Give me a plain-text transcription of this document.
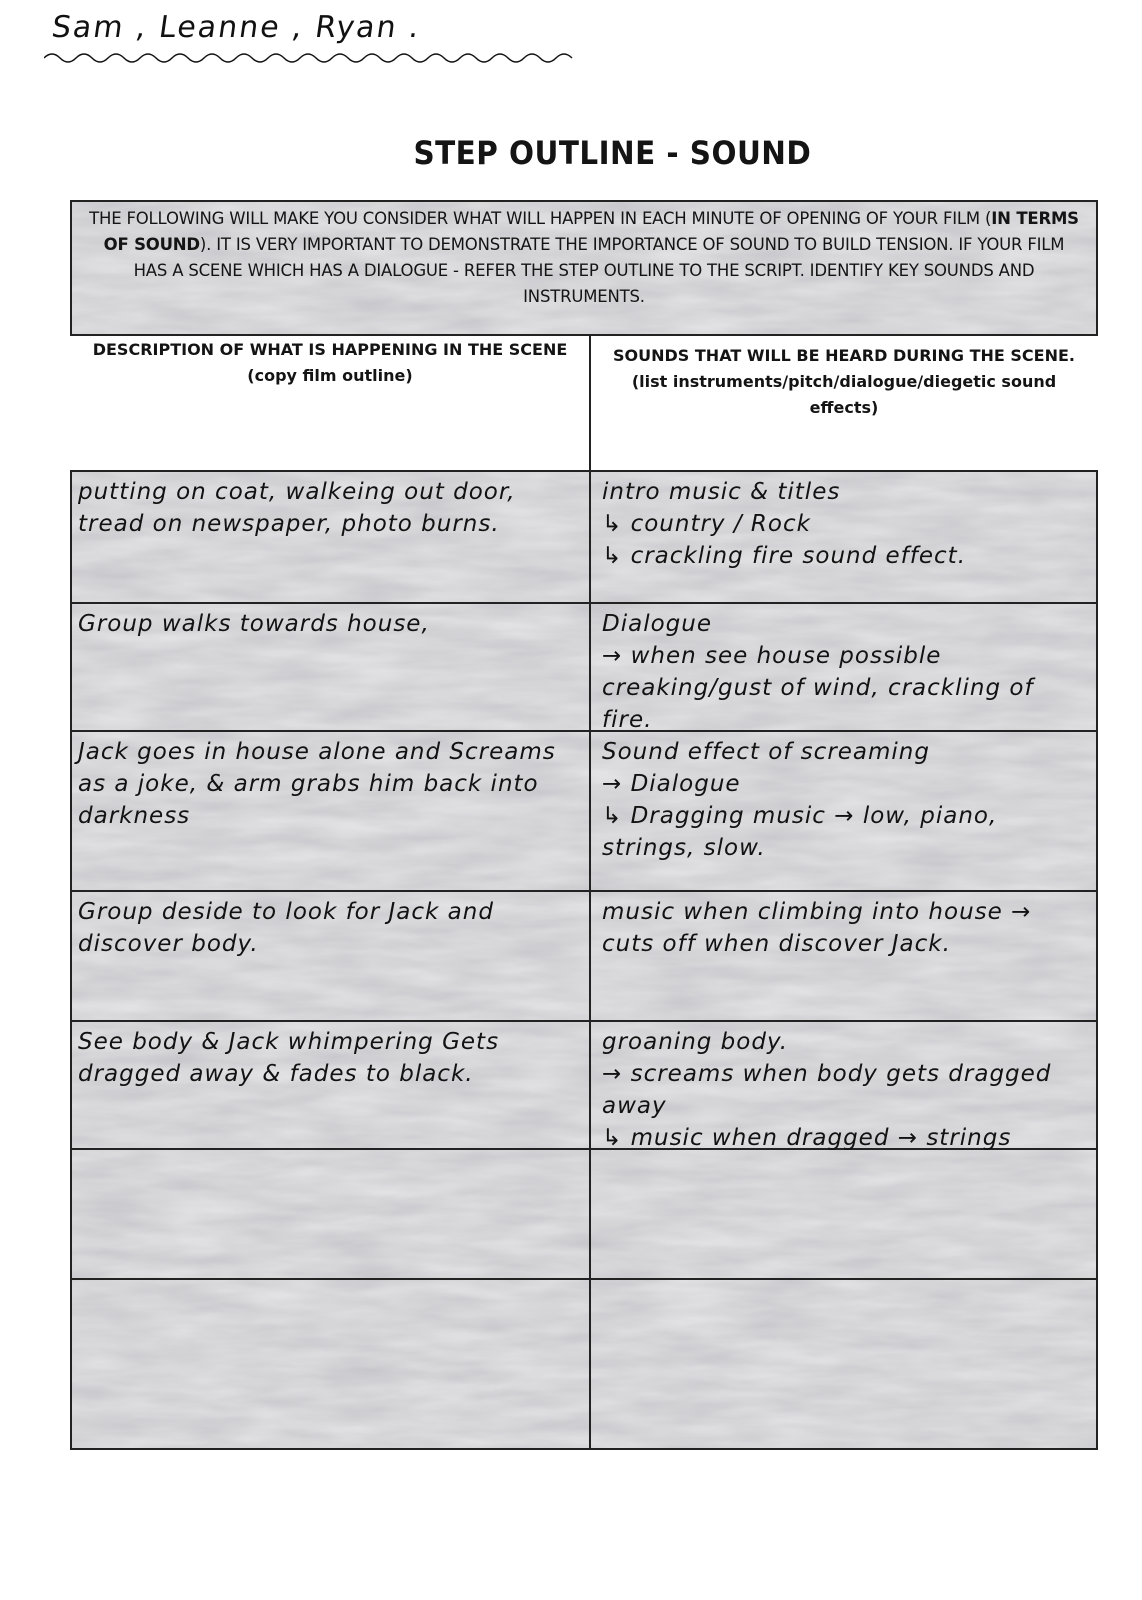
Sam , Leanne , Ryan .
STEP OUTLINE - SOUND
THE FOLLOWING WILL MAKE YOU CONSIDER WHAT WILL HAPPEN IN EACH MINUTE OF OPENING OF YOUR FILM (IN TERMS OF SOUND). IT IS VERY IMPORTANT TO DEMONSTRATE THE IMPORTANCE OF SOUND TO BUILD TENSION. IF YOUR FILM HAS A SCENE WHICH HAS A DIALOGUE - REFER THE STEP OUTLINE TO THE SCRIPT. IDENTIFY KEY SOUNDS AND INSTRUMENTS.
DESCRIPTION OF WHAT IS HAPPENING IN THE SCENE (copy film outline)
SOUNDS THAT WILL BE HEARD DURING THE SCENE.
(list instruments/pitch/dialogue/diegetic sound effects)
putting on coat, walkeing out door, tread on newspaper, photo burns.
intro music & titles
↳ country / Rock
↳ crackling fire sound effect.
Group walks towards house,	Dialogue
→ when see house possible creaking/gust of wind, crackling of fire.
Jack goes in house alone and Screams as a joke, & arm grabs him back into darkness
Sound effect of screaming
→ Dialogue
↳ Dragging music → low, piano, strings, slow.
Group deside to look for Jack and discover body.
music when climbing into house →
cuts off when discover Jack.
See body & Jack whimpering Gets dragged away & fades to black.
groaning body.
→ screams when body gets dragged away
↳ music when dragged → strings
